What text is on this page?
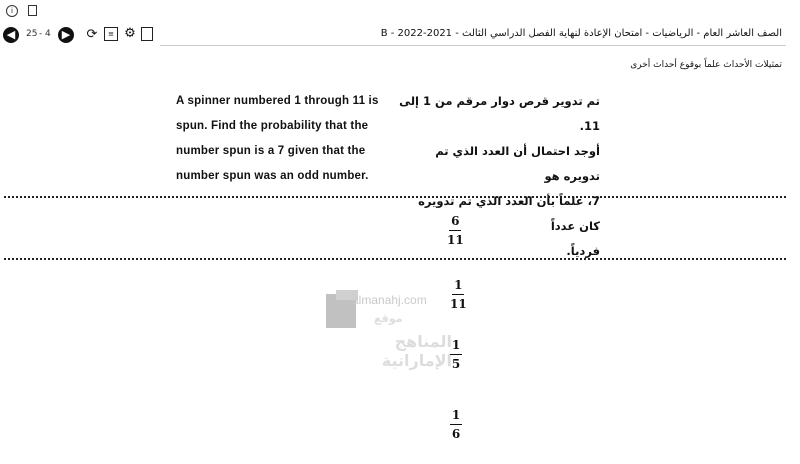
i
◀	25 - 4	▶ ⟳	≡ ⚙	الصف العاشر العام - الرياضيات - امتحان الإعادة لنهاية الفصل الدراسي الثالث - 2021-2022 - B
تمثيلات الأحداث علماً بوقوع أحداث أخرى
A spinner numbered 1 through 11 is
spun. Find the probability that the
number spun is a 7 given that the
number spun was an odd number.
تم تدوير قرص دوار مرقم من 1 إلى 11.
أوجد احتمال أن العدد الذي تم تدويره هو
7، علماً بأن العدد الذي تم تدويره كان عدداً
فردياً.
6
11
almanahj.com
موقع
المناهج الإماراتية
1
11
1
5
1
6
